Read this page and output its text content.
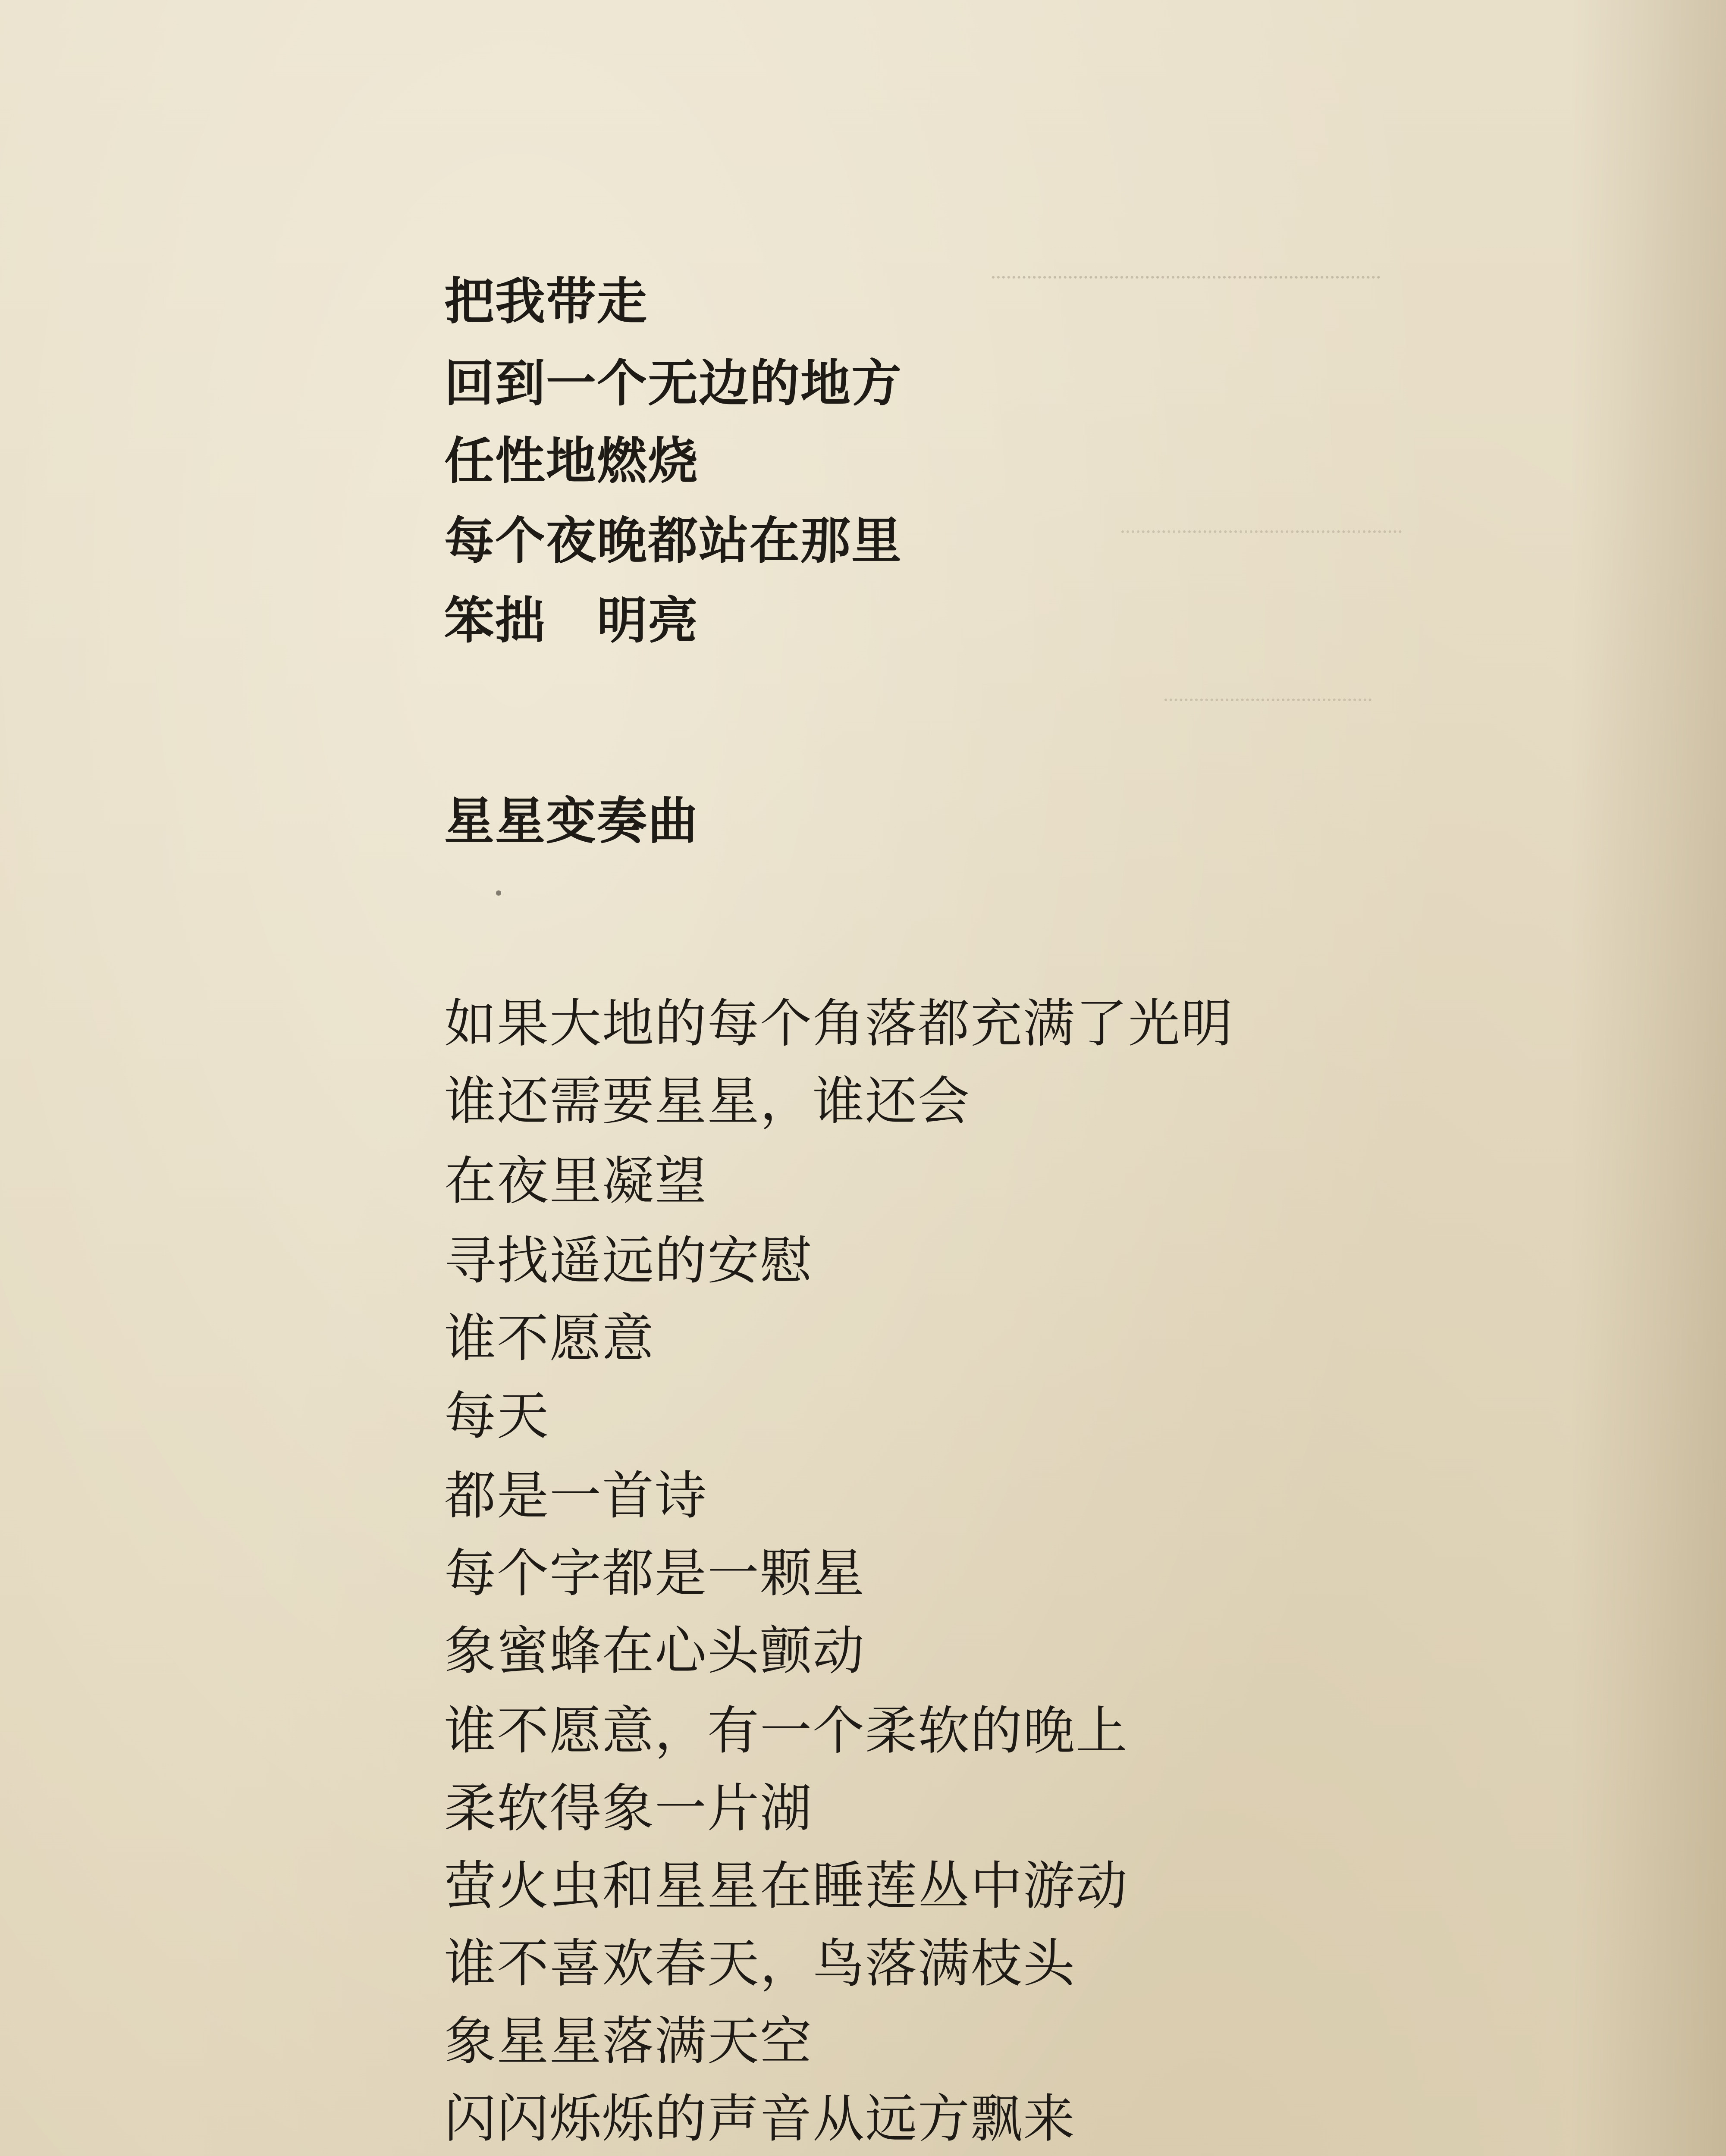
把我带走
回到一个无边的地方
任性地燃烧
每个夜晚都站在那里
笨拙　明亮
星星变奏曲
如果大地的每个角落都充满了光明
谁还需要星星，谁还会
在夜里凝望
寻找遥远的安慰
谁不愿意
每天
都是一首诗
每个字都是一颗星
象蜜蜂在心头颤动
谁不愿意，有一个柔软的晚上
柔软得象一片湖
萤火虫和星星在睡莲丛中游动
谁不喜欢春天，鸟落满枝头
象星星落满天空
闪闪烁烁的声音从远方飘来
